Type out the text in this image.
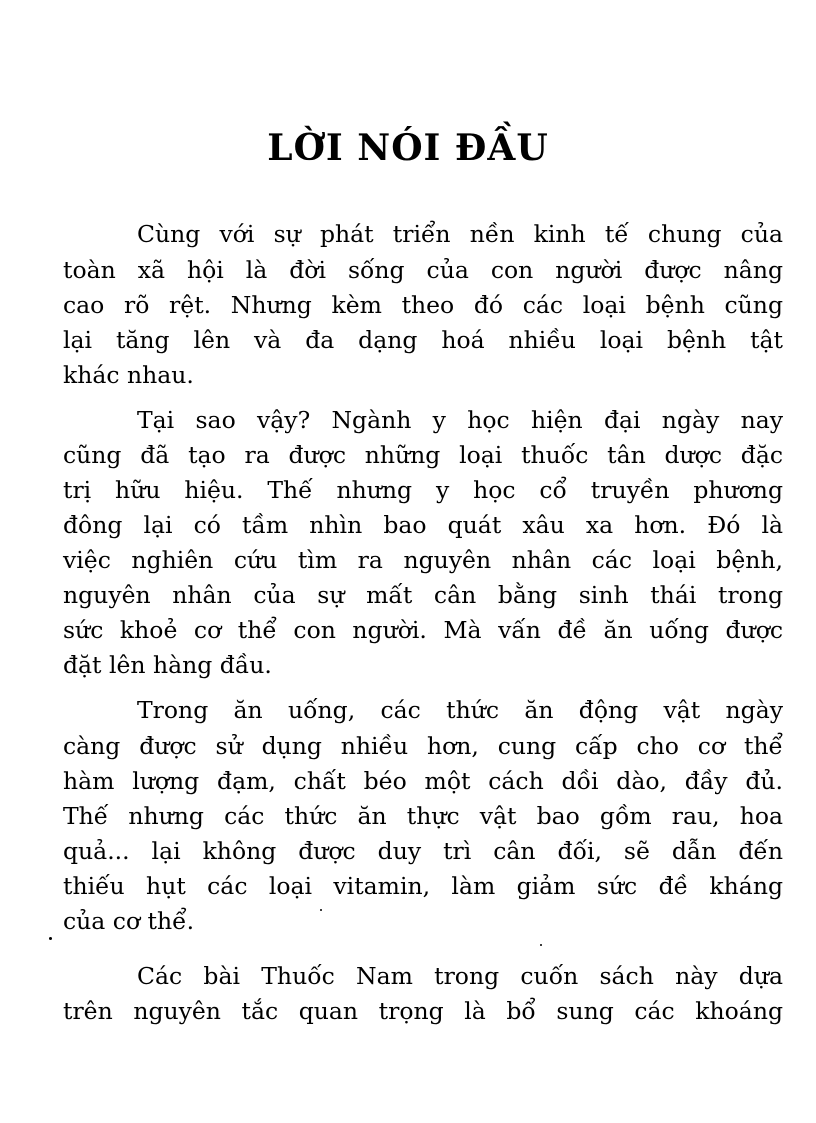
LỜI NÓI ĐẦU
Cùng với sự phát triển nền kinh tế chung của
toàn xã hội là đời sống của con người được nâng
cao rõ rệt. Nhưng kèm theo đó các loại bệnh cũng
lại tăng lên và đa dạng hoá nhiều loại bệnh tật
khác nhau.
Tại sao vậy? Ngành y học hiện đại ngày nay
cũng đã tạo ra được những loại thuốc tân dược đặc
trị hữu hiệu. Thế nhưng y học cổ truyền phương
đông lại có tầm nhìn bao quát xâu xa hơn. Đó là
việc nghiên cứu tìm ra nguyên nhân các loại bệnh,
nguyên nhân của sự mất cân bằng sinh thái trong
sức khoẻ cơ thể con người. Mà vấn đề ăn uống được
đặt lên hàng đầu.
Trong ăn uống, các thức ăn động vật ngày
càng được sử dụng nhiều hơn, cung cấp cho cơ thể
hàm lượng đạm, chất béo một cách dồi dào, đầy đủ.
Thế nhưng các thức ăn thực vật bao gồm rau, hoa
quả... lại không được duy trì cân đối, sẽ dẫn đến
thiếu hụt các loại vitamin, làm giảm sức đề kháng
của cơ thể.
Các bài Thuốc Nam trong cuốn sách này dựa
trên nguyên tắc quan trọng là bổ sung các khoáng
